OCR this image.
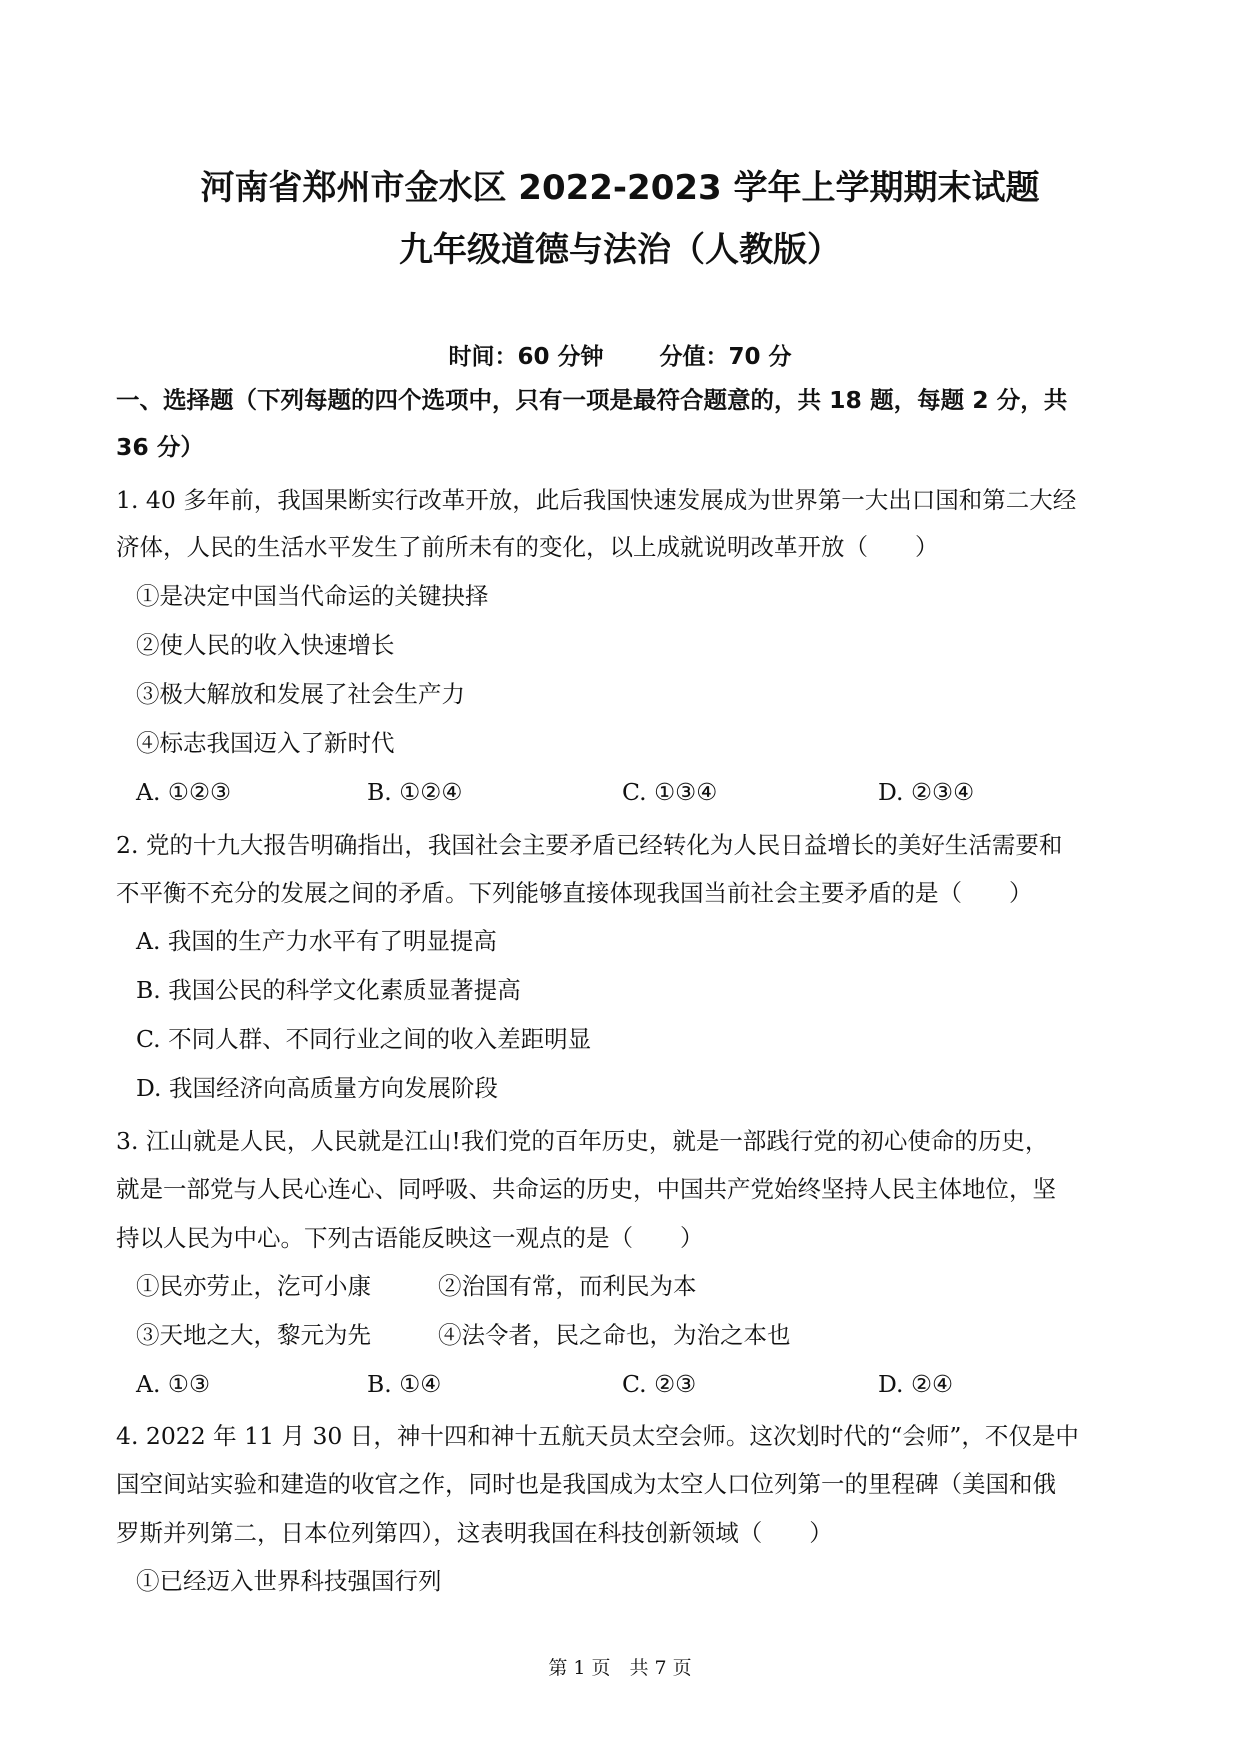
河南省郑州市金水区 2022-2023 学年上学期期末试题
九年级道德与法治（人教版）
时间：60 分钟 分值：70 分
一、选择题（下列每题的四个选项中，只有一项是最符合题意的，共 18 题，每题 2 分，共
36 分）
1. 40 多年前，我国果断实行改革开放，此后我国快速发展成为世界第一大出口国和第二大经
济体，人民的生活水平发生了前所未有的变化，以上成就说明改革开放（　　）
①是决定中国当代命运的关键抉择
②使人民的收入快速增长
③极大解放和发展了社会生产力
④标志我国迈入了新时代
A. ①②③	B. ①②④	C. ①③④	D. ②③④
2. 党的十九大报告明确指出，我国社会主要矛盾已经转化为人民日益增长的美好生活需要和
不平衡不充分的发展之间的矛盾。下列能够直接体现我国当前社会主要矛盾的是（　　）
A. 我国的生产力水平有了明显提高
B. 我国公民的科学文化素质显著提高
C. 不同人群、不同行业之间的收入差距明显
D. 我国经济向高质量方向发展阶段
3. 江山就是人民，人民就是江山!我们党的百年历史，就是一部践行党的初心使命的历史，
就是一部党与人民心连心、同呼吸、共命运的历史，中国共产党始终坚持人民主体地位，坚
持以人民为中心。下列古语能反映这一观点的是（　　）
①民亦劳止，汔可小康	②治国有常，而利民为本
③天地之大，黎元为先	④法令者，民之命也，为治之本也
A. ①③	B. ①④	C. ②③	D. ②④
4. 2022 年 11 月 30 日，神十四和神十五航天员太空会师。这次划时代的“会师”，不仅是中
国空间站实验和建造的收官之作，同时也是我国成为太空人口位列第一的里程碑（美国和俄
罗斯并列第二，日本位列第四），这表明我国在科技创新领域（　　）
①已经迈入世界科技强国行列
第 1 页　共 7 页
